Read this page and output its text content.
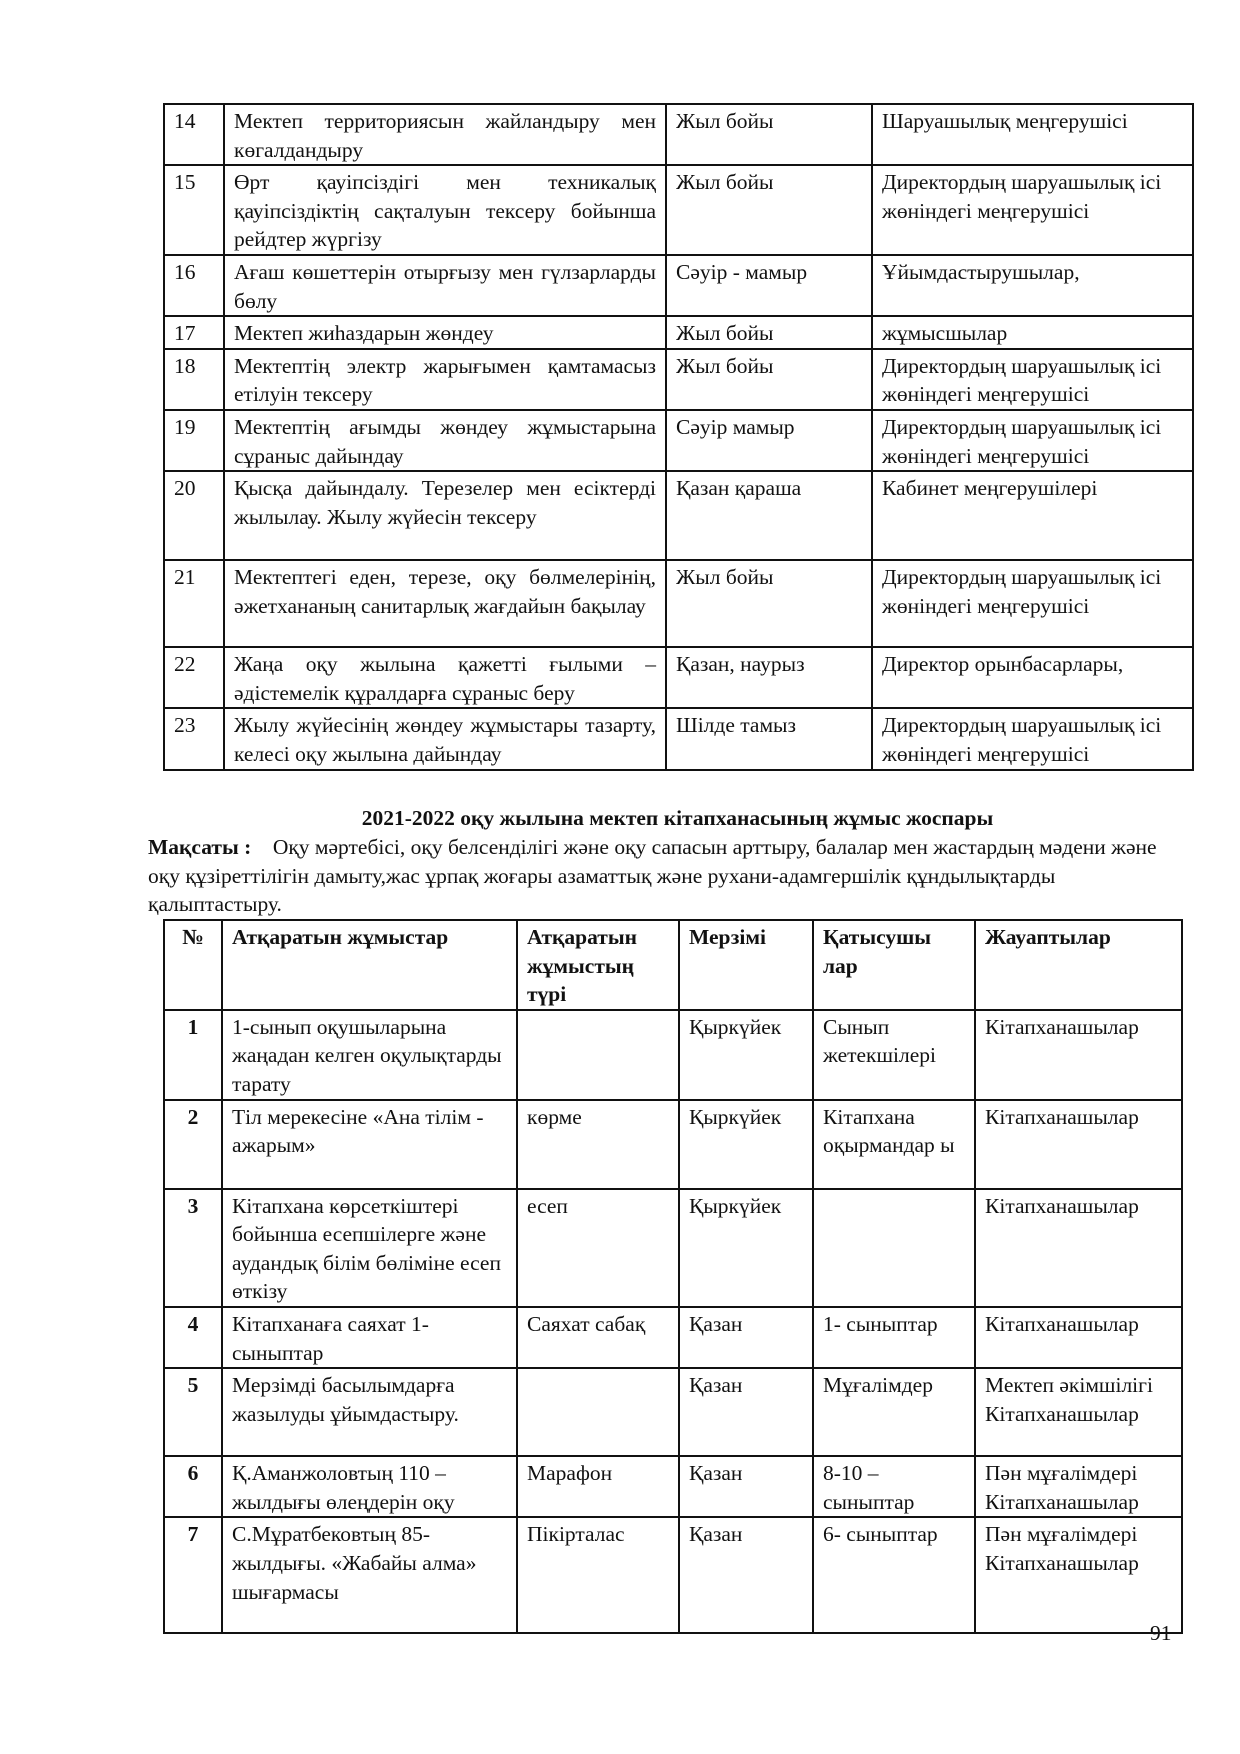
14	Мектеп территориясын жайландыру мен көгалдандыру	Жыл бойы	Шаруашылық меңгерушісі
15	Өрт қауіпсіздігі мен техникалық қауіпсіздіктің сақталуын тексеру бойынша рейдтер жүргізу	Жыл бойы	Директордың шаруашылық ісі жөніндегі меңгерушісі
16	Ағаш көшеттерін отырғызу мен гүлзарларды бөлу	Сәуір - мамыр	Ұйымдастырушылар,
17	Мектеп жиһаздарын жөндеу	Жыл бойы	жұмысшылар
18	Мектептің электр жарығымен қамтамасыз етілуін тексеру	Жыл бойы	Директордың шаруашылық ісі жөніндегі меңгерушісі
19	Мектептің ағымды жөндеу жұмыстарына сұраныс дайындау	Сәуір мамыр	Директордың шаруашылық ісі жөніндегі меңгерушісі
20	Қысқа дайындалу. Терезелер мен есіктерді жылылау. Жылу жүйесін тексеру	Қазан қараша	Кабинет меңгерушілері
21	Мектептегі еден, терезе, оқу бөлмелерінің, әжетхананың санитарлық жағдайын бақылау	Жыл бойы	Директордың шаруашылық ісі жөніндегі меңгерушісі
22	Жаңа оқу жылына қажетті ғылыми – әдістемелік құралдарға сұраныс беру	Қазан, наурыз	Директор орынбасарлары,
23	Жылу жүйесінің жөндеу жұмыстары тазарту, келесі оқу жылына дайындау	Шілде тамыз	Директордың шаруашылық ісі жөніндегі меңгерушісі
2021-2022 оқу жылына мектеп кітапханасының жұмыс жоспары
Мақсаты : Оқу мәртебісі, оқу белсенділігі және оқу сапасын арттыру, балалар мен жастардың мәдени және оқу құзіреттілігін дамыту,жас ұрпақ жоғары азаматтық және рухани-адамгершілік құндылықтарды қалыптастыру.
№	Атқаратын жұмыстар	Атқаратын жұмыстың түрі	Мерзімі	Қатысушы лар	Жауаптылар
1	1-сынып оқушыларына жаңадан келген оқулықтарды тарату		Қыркүйек	Сынып жетекшілері	Кітапханашылар
2	Тіл мерекесіне «Ана тілім - ажарым»	көрме	Қыркүйек	Кітапхана оқырмандар ы	Кітапханашылар
3	Кітапхана көрсеткіштері бойынша есепшілерге және аудандық білім бөліміне есеп өткізу	есеп	Қыркүйек		Кітапханашылар
4	Кітапханаға саяхат 1-сыныптар	Саяхат сабақ	Қазан	1- сыныптар	Кітапханашылар
5	Мерзімді басылымдарға жазылуды ұйымдастыру.		Қазан	Мұғалімдер	Мектеп әкімшілігі Кітапханашылар
6	Қ.Аманжоловтың 110 – жылдығы өлеңдерін оқу	Марафон	Қазан	8-10 – сыныптар	Пән мұғалімдері Кітапханашылар
7	С.Мұратбековтың 85-жылдығы. «Жабайы алма» шығармасы	Пікірталас	Қазан	6- сыныптар	Пән мұғалімдері Кітапханашылар
91
